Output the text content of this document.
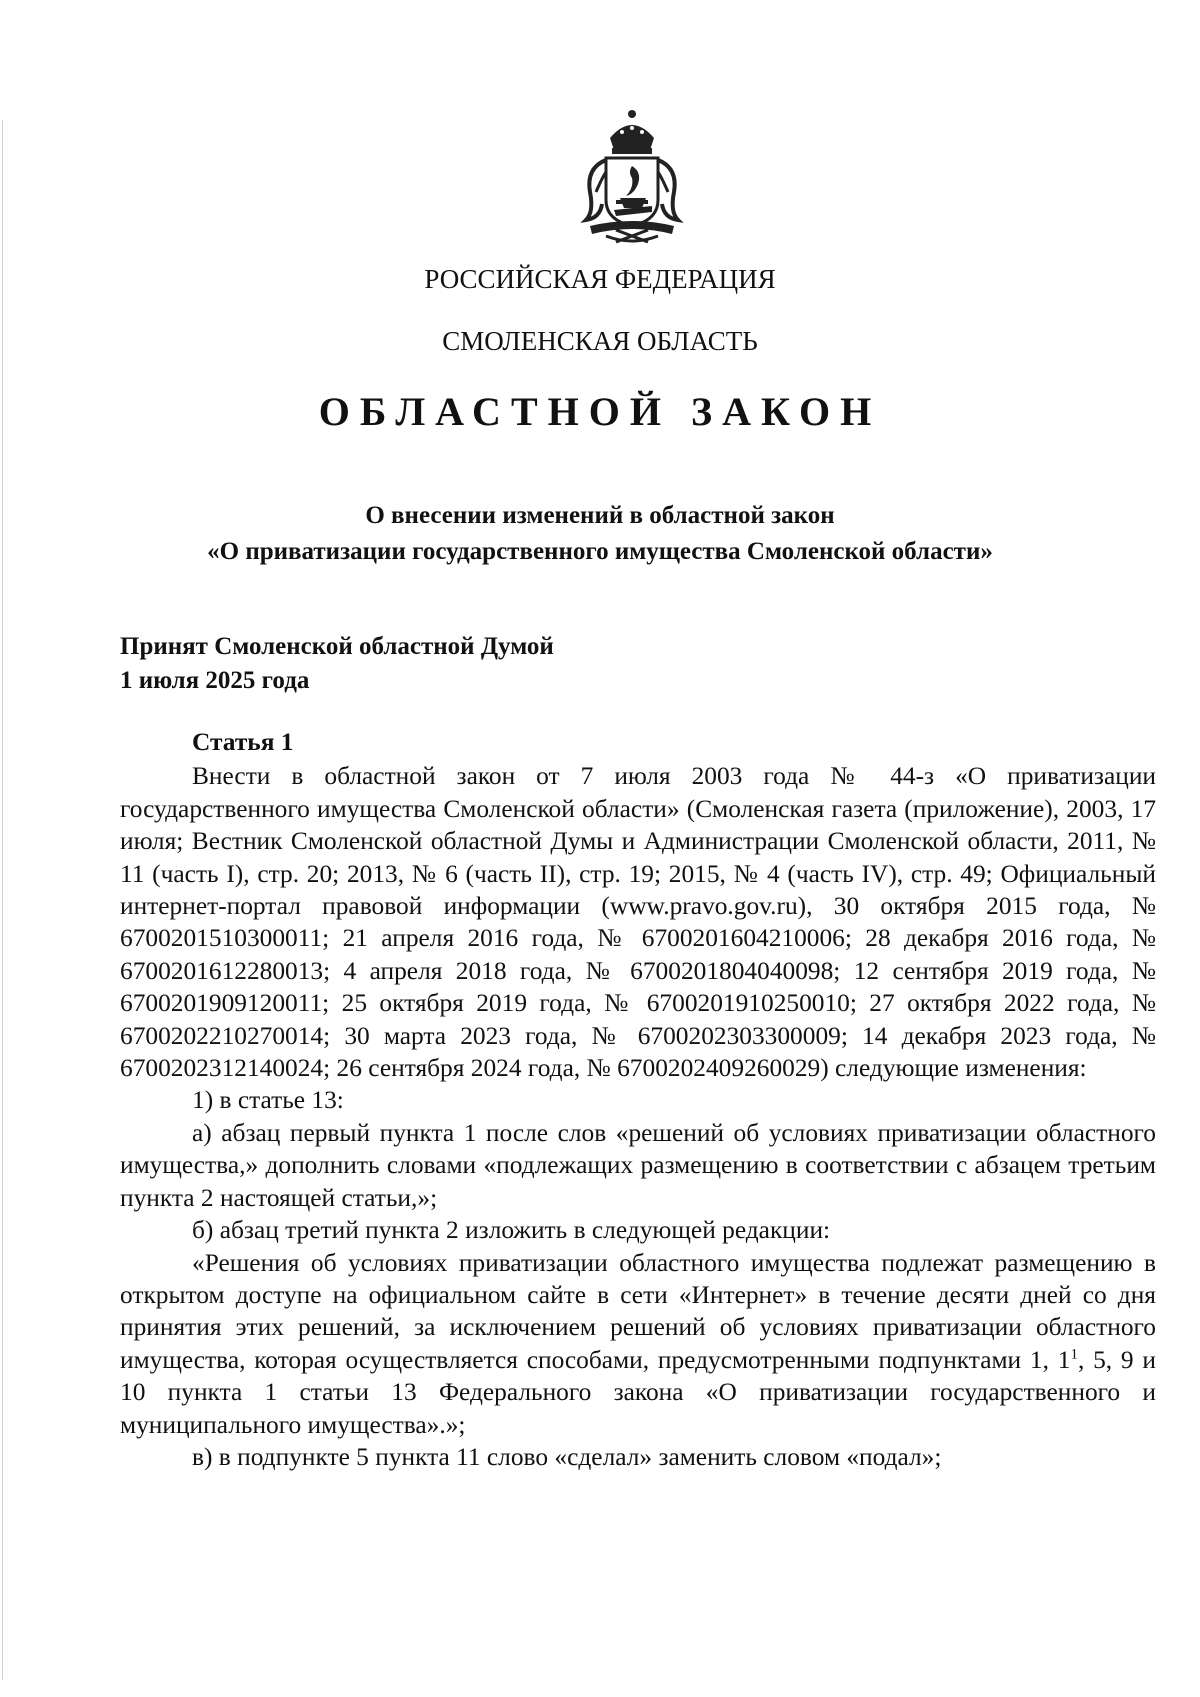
РОССИЙСКАЯ ФЕДЕРАЦИЯ
СМОЛЕНСКАЯ ОБЛАСТЬ
ОБЛАСТНОЙ ЗАКОН
О внесении изменений в областной закон
«О приватизации государственного имущества Смоленской области»
Принят Смоленской областной Думой
1 июля 2025 года
Статья 1

Внести в областной закон от 7 июля 2003 года № 44-з «О приватизации государственного имущества Смоленской области» (Смоленская газета (приложение), 2003, 17 июля; Вестник Смоленской областной Думы и Администрации Смоленской области, 2011, № 11 (часть I), стр. 20; 2013, № 6 (часть II), стр. 19; 2015, № 4 (часть IV), стр. 49; Официальный интернет-портал правовой информации (www.pravo.gov.ru), 30 октября 2015 года, № 6700201510300011; 21 апреля 2016 года, № 6700201604210006; 28 декабря 2016 года, № 6700201612280013; 4 апреля 2018 года, № 6700201804040098; 12 сентября 2019 года, № 6700201909120011; 25 октября 2019 года, № 6700201910250010; 27 октября 2022 года, № 6700202210270014; 30 марта 2023 года, № 6700202303300009; 14 декабря 2023 года, № 6700202312140024; 26 сентября 2024 года, № 6700202409260029) следующие изменения:

1) в статье 13:

а) абзац первый пункта 1 после слов «решений об условиях приватизации областного имущества,» дополнить словами «подлежащих размещению в соответствии с абзацем третьим пункта 2 настоящей статьи,»;

б) абзац третий пункта 2 изложить в следующей редакции:

«Решения об условиях приватизации областного имущества подлежат размещению в открытом доступе на официальном сайте в сети «Интернет» в течение десяти дней со дня принятия этих решений, за исключением решений об условиях приватизации областного имущества, которая осуществляется способами, предусмотренными подпунктами 1, $1^1$, 5, 9 и 10 пункта 1 статьи 13 Федерального закона «О приватизации государственного и муниципального имущества».»;

в) в подпункте 5 пункта 11 слово «сделал» заменить словом «подал»;
